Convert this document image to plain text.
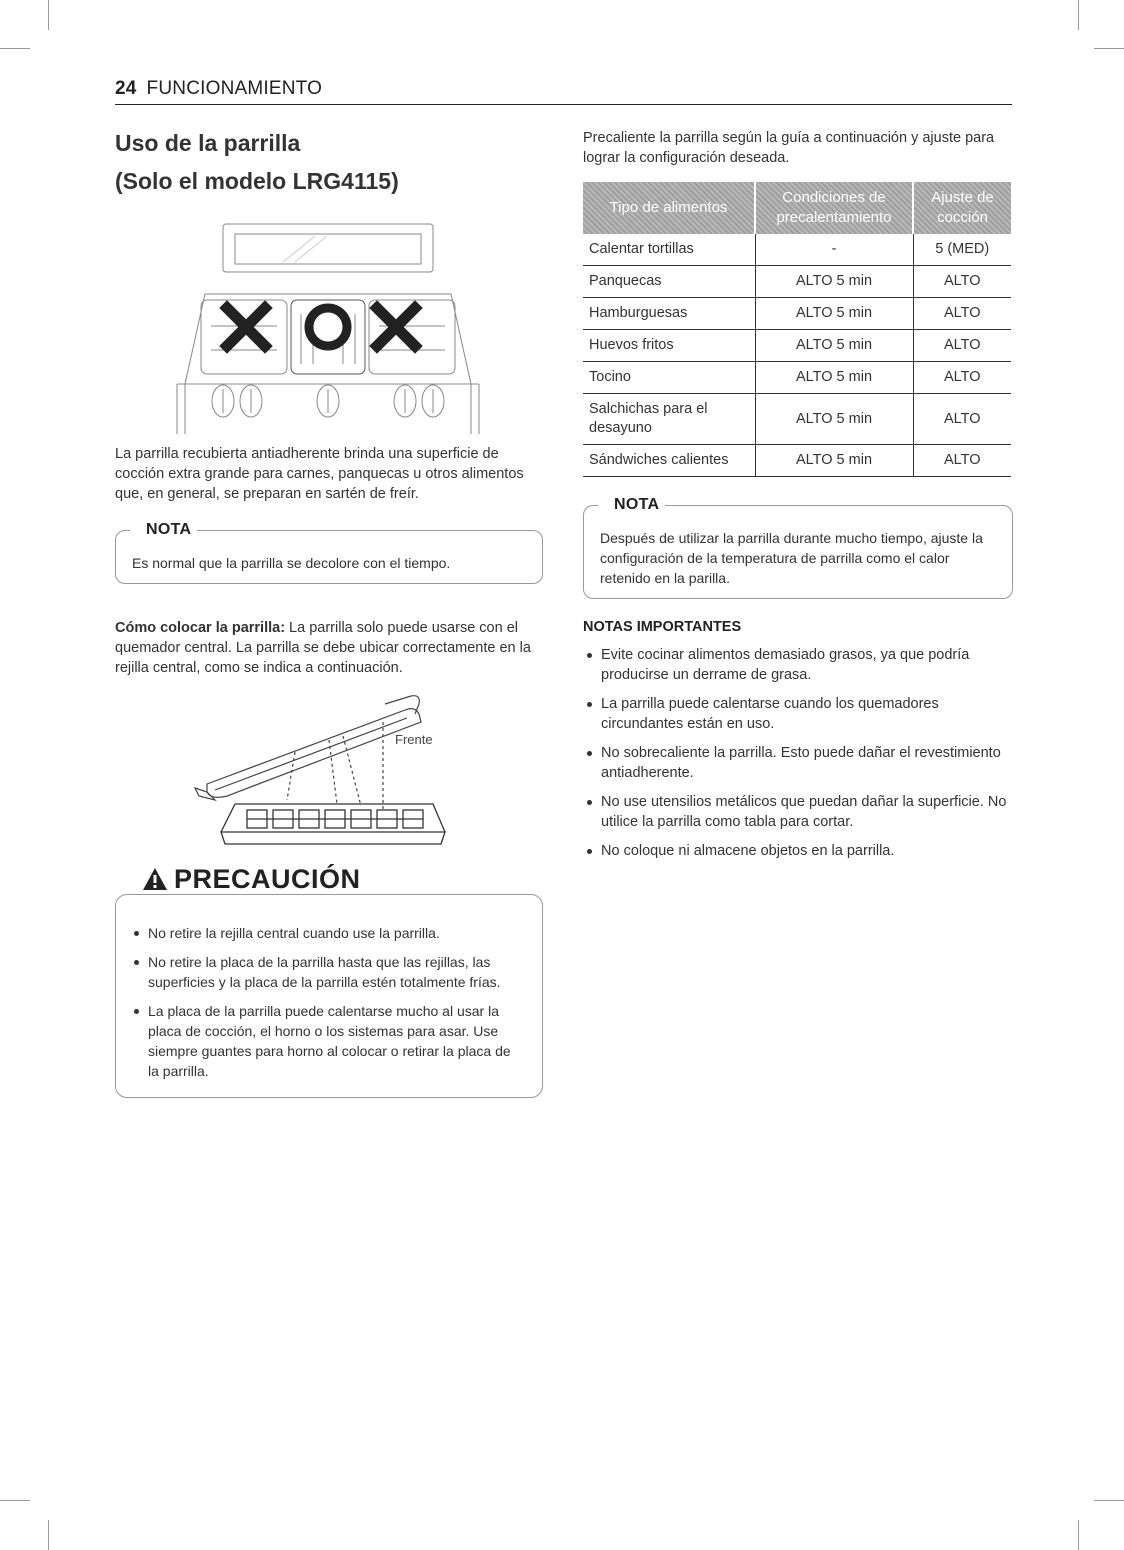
24 FUNCIONAMIENTO
Uso de la parrilla
(Solo el modelo LRG4115)

La parrilla recubierta antiadherente brinda una superficie de cocción extra grande para carnes, panquecas u otros alimentos que, en general, se preparan en sartén de freír.

NOTA
Es normal que la parrilla se decolore con el tiempo.

Cómo colocar la parrilla: La parrilla solo puede usarse con el quemador central. La parrilla se debe ubicar correctamente en la rejilla central, como se indica a continuación.

Frente
PRECAUCIÓN
No retire la rejilla central cuando use la parrilla.
No retire la placa de la parrilla hasta que las rejillas, las superficies y la placa de la parrilla estén totalmente frías.
La placa de la parrilla puede calentarse mucho al usar la placa de cocción, el horno o los sistemas para asar. Use siempre guantes para horno al colocar o retirar la placa de la parrilla.

Precaliente la parrilla según la guía a continuación y ajuste para lograr la configuración deseada.

Tipo de alimentos	Condiciones de precalentamiento	Ajuste de cocción
Calentar tortillas	-	5 (MED)
Panquecas	ALTO 5 min	ALTO
Hamburguesas	ALTO 5 min	ALTO
Huevos fritos	ALTO 5 min	ALTO
Tocino	ALTO 5 min	ALTO
Salchichas para el desayuno	ALTO 5 min	ALTO
Sándwiches calientes	ALTO 5 min	ALTO
NOTA
Después de utilizar la parrilla durante mucho tiempo, ajuste la configuración de la temperatura de parrilla como el calor retenido en la parilla.
NOTAS IMPORTANTES
Evite cocinar alimentos demasiado grasos, ya que podría producirse un derrame de grasa.
La parrilla puede calentarse cuando los quemadores circundantes están en uso.
No sobrecaliente la parrilla. Esto puede dañar el revestimiento antiadherente.
No use utensilios metálicos que puedan dañar la superficie. No utilice la parrilla como tabla para cortar.
No coloque ni almacene objetos en la parrilla.
